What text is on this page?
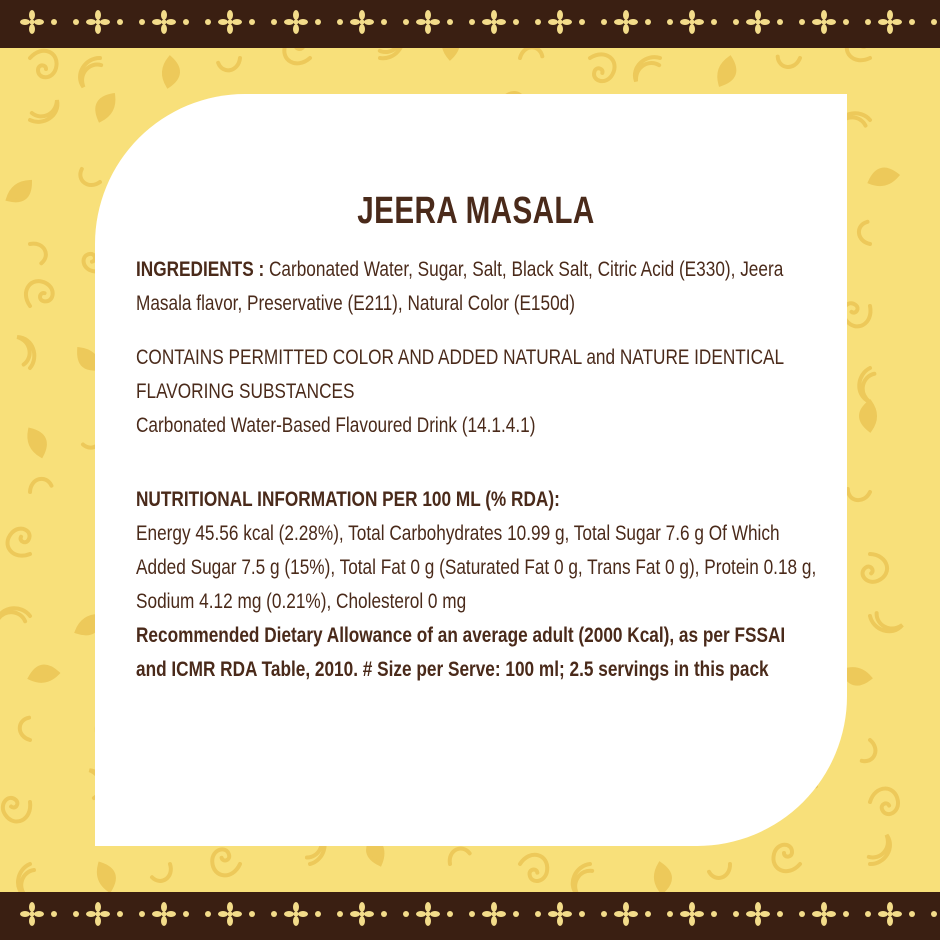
JEERA MASALA

INGREDIENTS : Carbonated Water, Sugar, Salt, Black Salt, Citric Acid (E330), Jeera Masala flavor, Preservative (E211), Natural Color (E150d)

CONTAINS PERMITTED COLOR AND ADDED NATURAL and NATURE IDENTICAL FLAVORING SUBSTANCES

Carbonated Water-Based Flavoured Drink (14.1.4.1)

NUTRITIONAL INFORMATION PER 100 ML (% RDA):

Energy 45.56 kcal (2.28%), Total Carbohydrates 10.99 g, Total Sugar 7.6 g Of Which Added Sugar 7.5 g (15%), Total Fat 0 g (Saturated Fat 0 g, Trans Fat 0 g), Protein 0.18 g, Sodium 4.12 mg (0.21%), Cholesterol 0 mg

Recommended Dietary Allowance of an average adult (2000 Kcal), as per FSSAI and ICMR RDA Table, 2010. # Size per Serve: 100 ml; 2.5 servings in this pack
